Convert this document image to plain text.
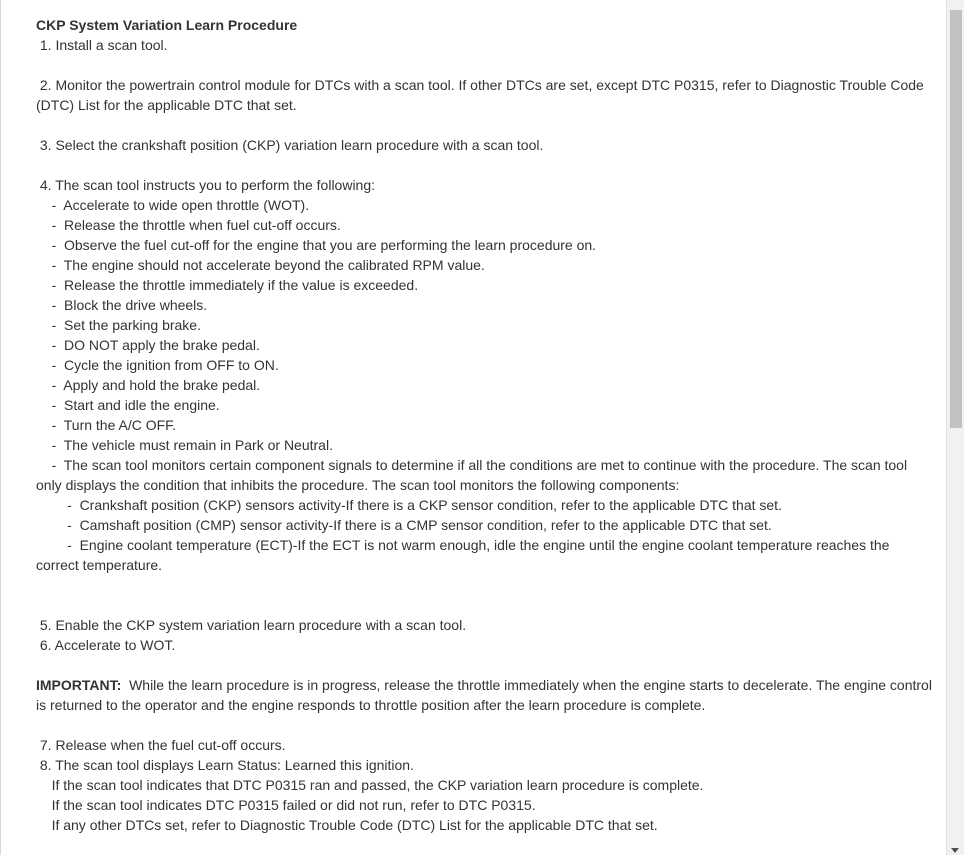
CKP System Variation Learn Procedure
1. Install a scan tool.
2. Monitor the powertrain control module for DTCs with a scan tool. If other DTCs are set, except DTC P0315, refer to Diagnostic Trouble Code (DTC) List for the applicable DTC that set.
3. Select the crankshaft position (CKP) variation learn procedure with a scan tool.
4. The scan tool instructs you to perform the following:
-  Accelerate to wide open throttle (WOT).
-  Release the throttle when fuel cut-off occurs.
-  Observe the fuel cut-off for the engine that you are performing the learn procedure on.
-  The engine should not accelerate beyond the calibrated RPM value.
-  Release the throttle immediately if the value is exceeded.
-  Block the drive wheels.
-  Set the parking brake.
-  DO NOT apply the brake pedal.
-  Cycle the ignition from OFF to ON.
-  Apply and hold the brake pedal.
-  Start and idle the engine.
-  Turn the A/C OFF.
-  The vehicle must remain in Park or Neutral.
-  The scan tool monitors certain component signals to determine if all the conditions are met to continue with the procedure. The scan tool only displays the condition that inhibits the procedure. The scan tool monitors the following components:
-  Crankshaft position (CKP) sensors activity-If there is a CKP sensor condition, refer to the applicable DTC that set.
-  Camshaft position (CMP) sensor activity-If there is a CMP sensor condition, refer to the applicable DTC that set.
-  Engine coolant temperature (ECT)-If the ECT is not warm enough, idle the engine until the engine coolant temperature reaches the correct temperature.
5. Enable the CKP system variation learn procedure with a scan tool.
6. Accelerate to WOT.
IMPORTANT:  While the learn procedure is in progress, release the throttle immediately when the engine starts to decelerate. The engine control is returned to the operator and the engine responds to throttle position after the learn procedure is complete.
7. Release when the fuel cut-off occurs.
8. The scan tool displays Learn Status: Learned this ignition.
If the scan tool indicates that DTC P0315 ran and passed, the CKP variation learn procedure is complete.
If the scan tool indicates DTC P0315 failed or did not run, refer to DTC P0315.
If any other DTCs set, refer to Diagnostic Trouble Code (DTC) List for the applicable DTC that set.
